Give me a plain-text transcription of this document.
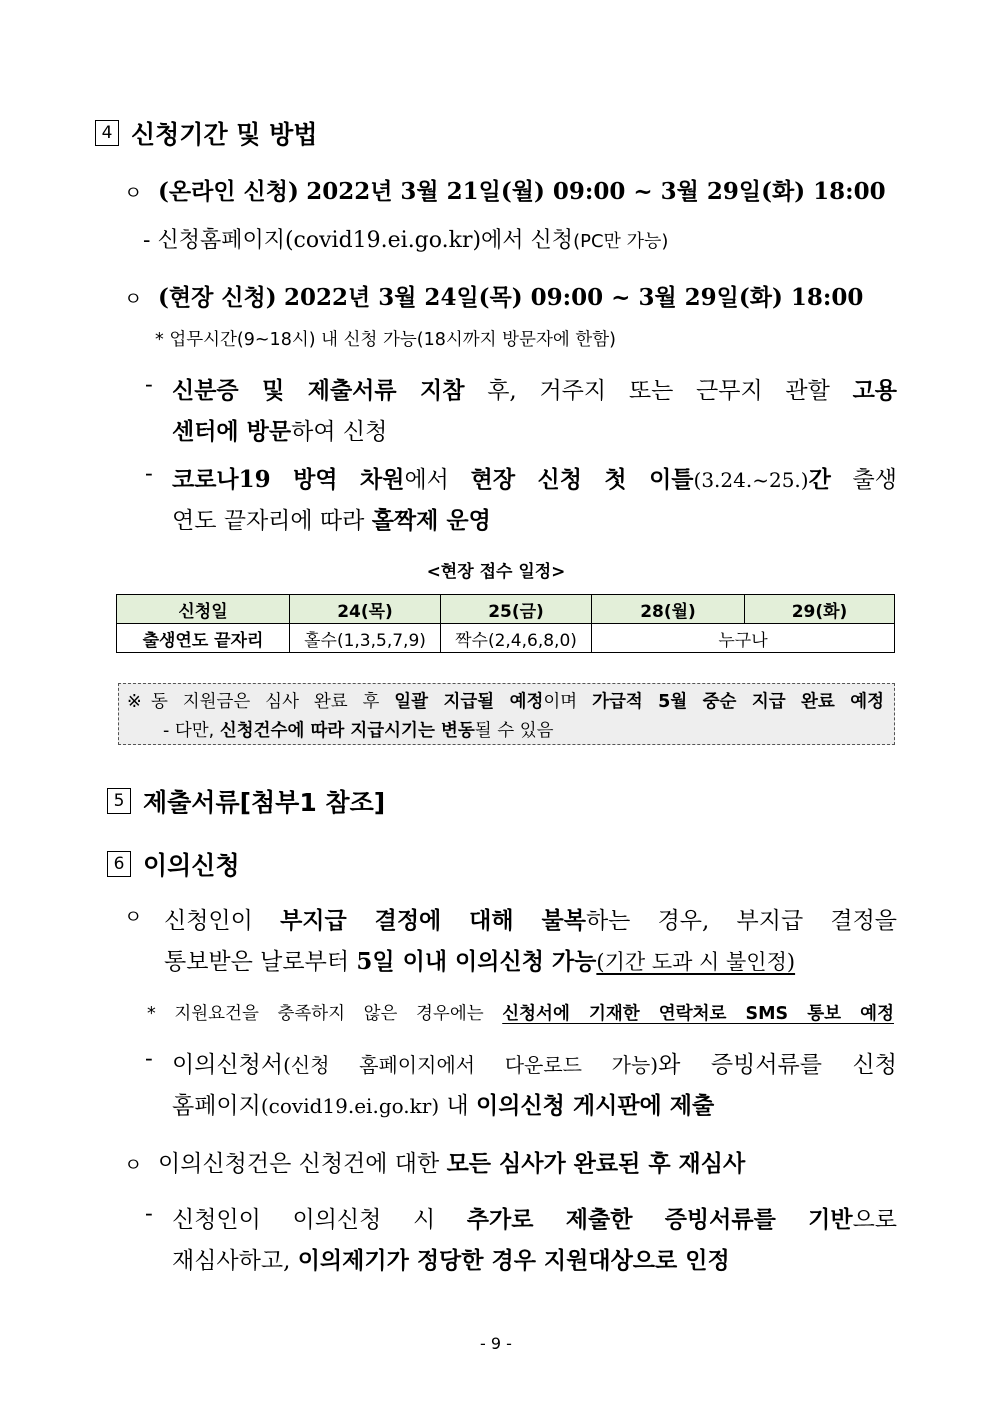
4 신청기간 및 방법
ㅇ (온라인 신청) 2022년 3월 21일(월) 09:00 ~ 3월 29일(화) 18:00
- 신청홈페이지(covid19.ei.go.kr)에서 신청(PC만 가능)
ㅇ (현장 신청) 2022년 3월 24일(목) 09:00 ~ 3월 29일(화) 18:00
* 업무시간(9~18시) 내 신청 가능(18시까지 방문자에 한함)
- 신분증 및 제출서류 지참 후, 거주지 또는 근무지 관할 고용
센터에 방문하여 신청
- 코로나19 방역 차원에서 현장 신청 첫 이틀(3.24.~25.)간 출생
연도 끝자리에 따라 홀짝제 운영
<현장 접수 일정>
신청일	24(목)	25(금)	28(월)	29(화)
출생연도 끝자리	홀수(1,3,5,7,9)	짝수(2,4,6,8,0)	누구나	
※동 지원금은 심사 완료 후 일괄 지급될 예정이며 가급적 5월 중순 지급 완료 예정
- 다만, 신청건수에 따라 지급시기는 변동될 수 있음
5 제출서류[첨부1 참조]
6 이의신청
ㅇ 신청인이 부지급 결정에 대해 불복하는 경우, 부지급 결정을
통보받은 날로부터 5일 이내 이의신청 가능(기간 도과 시 불인정)
* 지원요건을 충족하지 않은 경우에는 신청서에 기재한 연락처로 SMS 통보 예정
- 이의신청서(신청 홈페이지에서 다운로드 가능)와 증빙서류를 신청
홈페이지(covid19.ei.go.kr) 내 이의신청 게시판에 제출
ㅇ 이의신청건은 신청건에 대한 모든 심사가 완료된 후 재심사
- 신청인이 이의신청 시 추가로 제출한 증빙서류를 기반으로
재심사하고, 이의제기가 정당한 경우 지원대상으로 인정
- 9 -
